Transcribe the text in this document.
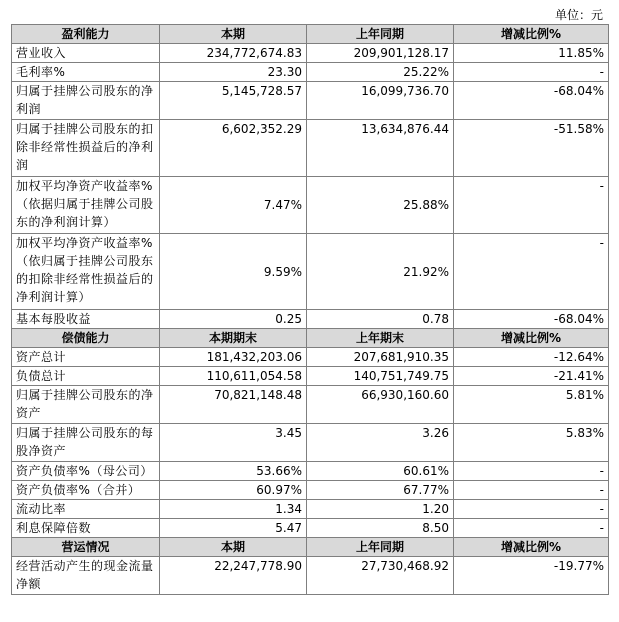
单位：元
盈利能力	本期	上年同期	增减比例%
营业收入	234,772,674.83	209,901,128.17	11.85%
毛利率%	23.30	25.22%	-
归属于挂牌公司股东的净利润	5,145,728.57	16,099,736.70	-68.04%
归属于挂牌公司股东的扣除非经常性损益后的净利润	6,602,352.29	13,634,876.44	-51.58%
加权平均净资产收益率%（依据归属于挂牌公司股东的净利润计算）	7.47%	25.88%	-
加权平均净资产收益率%（依归属于挂牌公司股东的扣除非经常性损益后的净利润计算）	9.59%	21.92%	-
基本每股收益	0.25	0.78	-68.04%
偿债能力	本期期末	上年期末	增减比例%
资产总计	181,432,203.06	207,681,910.35	-12.64%
负债总计	110,611,054.58	140,751,749.75	-21.41%
归属于挂牌公司股东的净资产	70,821,148.48	66,930,160.60	5.81%
归属于挂牌公司股东的每股净资产	3.45	3.26	5.83%
资产负债率%（母公司）	53.66%	60.61%	-
资产负债率%（合并）	60.97%	67.77%	-
流动比率	1.34	1.20	-
利息保障倍数	5.47	8.50	-
营运情况	本期	上年同期	增减比例%
经营活动产生的现金流量净额	22,247,778.90	27,730,468.92	-19.77%
